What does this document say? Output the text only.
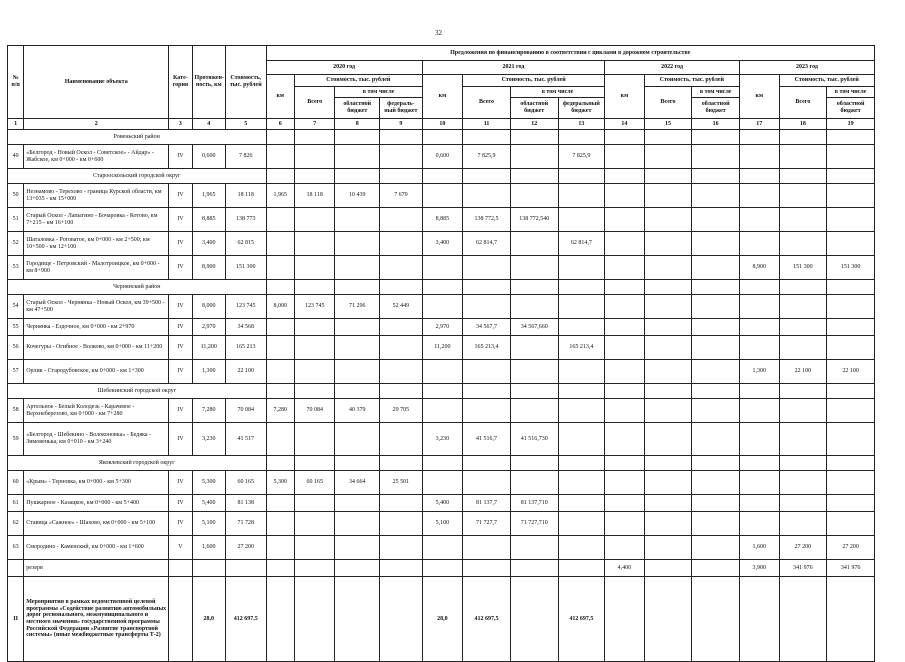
32
№ п/п	Наименование объекта	Кате-гория	Протяжен-ность, км	Стоимость, тыс. рублей	Предложения по финансированию в соответствии с циклами в дорожном строительстве													
					2020 год				2021 год				2022 год			2023 год		
					км	Стоимость, тыс. рублей			км	Стоимость, тыс. рублей			км	Стоимость, тыс. рублей		км	Стоимость, тыс. рублей	
						Всего	в том числе			Всего	в том числе			Всего	в том числе		Всего	в том числе
							областной бюджет	федераль-ный бюджет			областной бюджет	федеральный бюджет			областной бюджет			областной бюджет
1	2	3	4	5	6	7	8	9	10	11	12	13	14	15	16	17	18	19
Ровеньский район																		
49	«Белгород - Новый Оскол - Советское» - Айдар» - Жабское, км 0+000 - км 0+600	IV	0,600	7 826					0,600	7 825,9		7 825,9						
Старооскольский городской округ																		
50	Незнамово - Терехово - граница Курской области, км 13+035 - км 15+000	IV	1,965	18 118	1,965	18 118	10 439	7 679										
51	Старый Оскол - Лапыгино - Бочаровка - Котово, км 7+215 - км 16+100	IV	8,885	138 773					8,885	138 772,5	138 772,540							
52	Шаталовка - Роговатое, км 0+000 - км 2+500; км 10+500 - км 12+100	IV	3,400	62 815					3,400	62 814,7		62 814,7						
53	Городище - Петровский - Малотроицкое, км 0+000 - км 8+900	IV	8,900	151 300												8,900	151 300	151 300
Чернянский район																		
54	Старый Оскол - Чернянка - Новый Оскол, км 39+500 - км 47+500	IV	8,000	123 745	8,000	123 745	71 296	52 449										
55	Чернянка - Ездочное, км 0+000 - км 2+970	IV	2,970	34 568					2,970	34 567,7	34 567,660							
56	Кочегуры - Огибное - Волково, км 0+000 - км 11+200	IV	11,200	165 213					11,200	165 213,4		165 213,4						
57	Орлик - Стародубовское, км 0+000 - км 1+300	IV	1,300	22 100												1,300	22 100	22 100
Шебекинский городской округ																		
58	Артельное - Белый Колодезь - Карачевое - Верхнеберезово, км 0+000 - км 7+280	IV	7,280	70 084	7,280	70 084	40 379	29 705										
59	«Белгород - Шебекино - Волоконовка» - Бедяка - Зимовенька, км 0+010 - км 3+240	IV	3,230	41 517					3,230	41 516,7	41 516,730							
Яковлевский городской округ																		
60	«Крым» - Терновка, км 0+000 - км 5+300	IV	5,300	60 165	5,300	60 165	34 664	25 501										
61	Пушкарное - Казацкое, км 0+000 - км 5+400	IV	5,400	81 138					5,400	81 137,7	81 137,710							
62	Ставица «Сажное» - Шахово, км 0+000 - км 5+100	IV	5,100	71 728					5,100	71 727,7	71 727,710							
63	Смородино - Каменский, км 0+000 - км 1+600	V	1,600	27 200												1,600	27 200	27 200
	резерв												4,400			3,900	341 976	341 976
II	Мероприятия в рамках ведомственной целевой программы «Содействие развитию автомобильных дорог регионального, межмуниципального и местного значения» государственной программы Российской Федерации «Развитие транспортной системы» (иные межбюджетные трансферты Т-2)		28,0	412 697,5					28,0	412 697,5		412 697,5						
